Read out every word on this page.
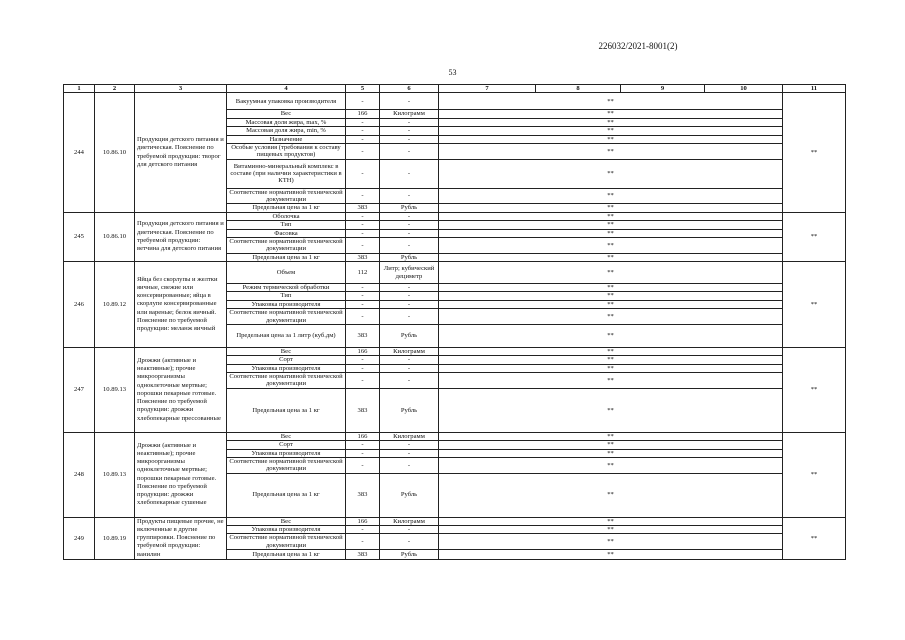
226032/2021-8001(2)
53
1	2	3	4	5	6	7	8	9	10	11
244	10.86.10	Продукция детского питания и диетическая. Пояснение по требуемой продукции: творог для детского питания	Вакуумная упаковка производителя	-	-	**				**
			Вес	166	Килограмм	**				
			Массовая доля жира, max, %	-	-	**				
			Массовая доля жира, min, %	-	-	**				
			Назначение	-	-	**				
			Особые условия (требования к составу пищевых продуктов)	-	-	**				
			Витаминно-минеральный комплекс в составе (при наличии характеристики в КТН)	-	-	**				
			Соответствие нормативной технической документации	-	-	**				
			Предельная цена за 1 кг	383	Рубль	**				
245	10.86.10	Продукция детского питания и диетическая. Пояснение по требуемой продукции: ветчина для детского питания	Оболочка	-	-	**				**
			Тип	-	-	**				
			Фасовка	-	-	**				
			Соответствие нормативной технической документации	-	-	**				
			Предельная цена за 1 кг	383	Рубль	**				
246	10.89.12	Яйца без скорлупы и желтки яичные, свежие или консервированные; яйца в скорлупе консервированные или вареные; белок яичный. Пояснение по требуемой продукции: меланж яичный	Объем	112	Литр; кубический дециметр	**				**
			Режим термической обработки	-	-	**				
			Тип	-	-	**				
			Упаковка производителя	-	-	**				
			Соответствие нормативной технической документации	-	-	**				
			Предельная цена за 1 литр (куб.дм)	383	Рубль	**				
247	10.89.13	Дрожжи (активные и неактивные); прочие микроорганизмы одноклеточные мертвые; порошки пекарные готовые. Пояснение по требуемой продукции: дрожжи хлебопекарные прессованные	Вес	166	Килограмм	**				**
			Сорт	-	-	**				
			Упаковка производителя	-	-	**				
			Соответствие нормативной технической документации	-	-	**				
			Предельная цена за 1 кг	383	Рубль	**				
248	10.89.13	Дрожжи (активные и неактивные); прочие микроорганизмы одноклеточные мертвые; порошки пекарные готовые. Пояснение по требуемой продукции: дрожжи хлебопекарные сушеные	Вес	166	Килограмм	**				**
			Сорт	-	-	**				
			Упаковка производителя	-	-	**				
			Соответствие нормативной технической документации	-	-	**				
			Предельная цена за 1 кг	383	Рубль	**				
249	10.89.19	Продукты пищевые прочие, не включенные в другие группировки. Пояснение по требуемой продукции: ванилин	Вес	166	Килограмм	**				**
			Упаковка производителя	-	-	**				
			Соответствие нормативной технической документации	-	-	**				
			Предельная цена за 1 кг	383	Рубль	**				
